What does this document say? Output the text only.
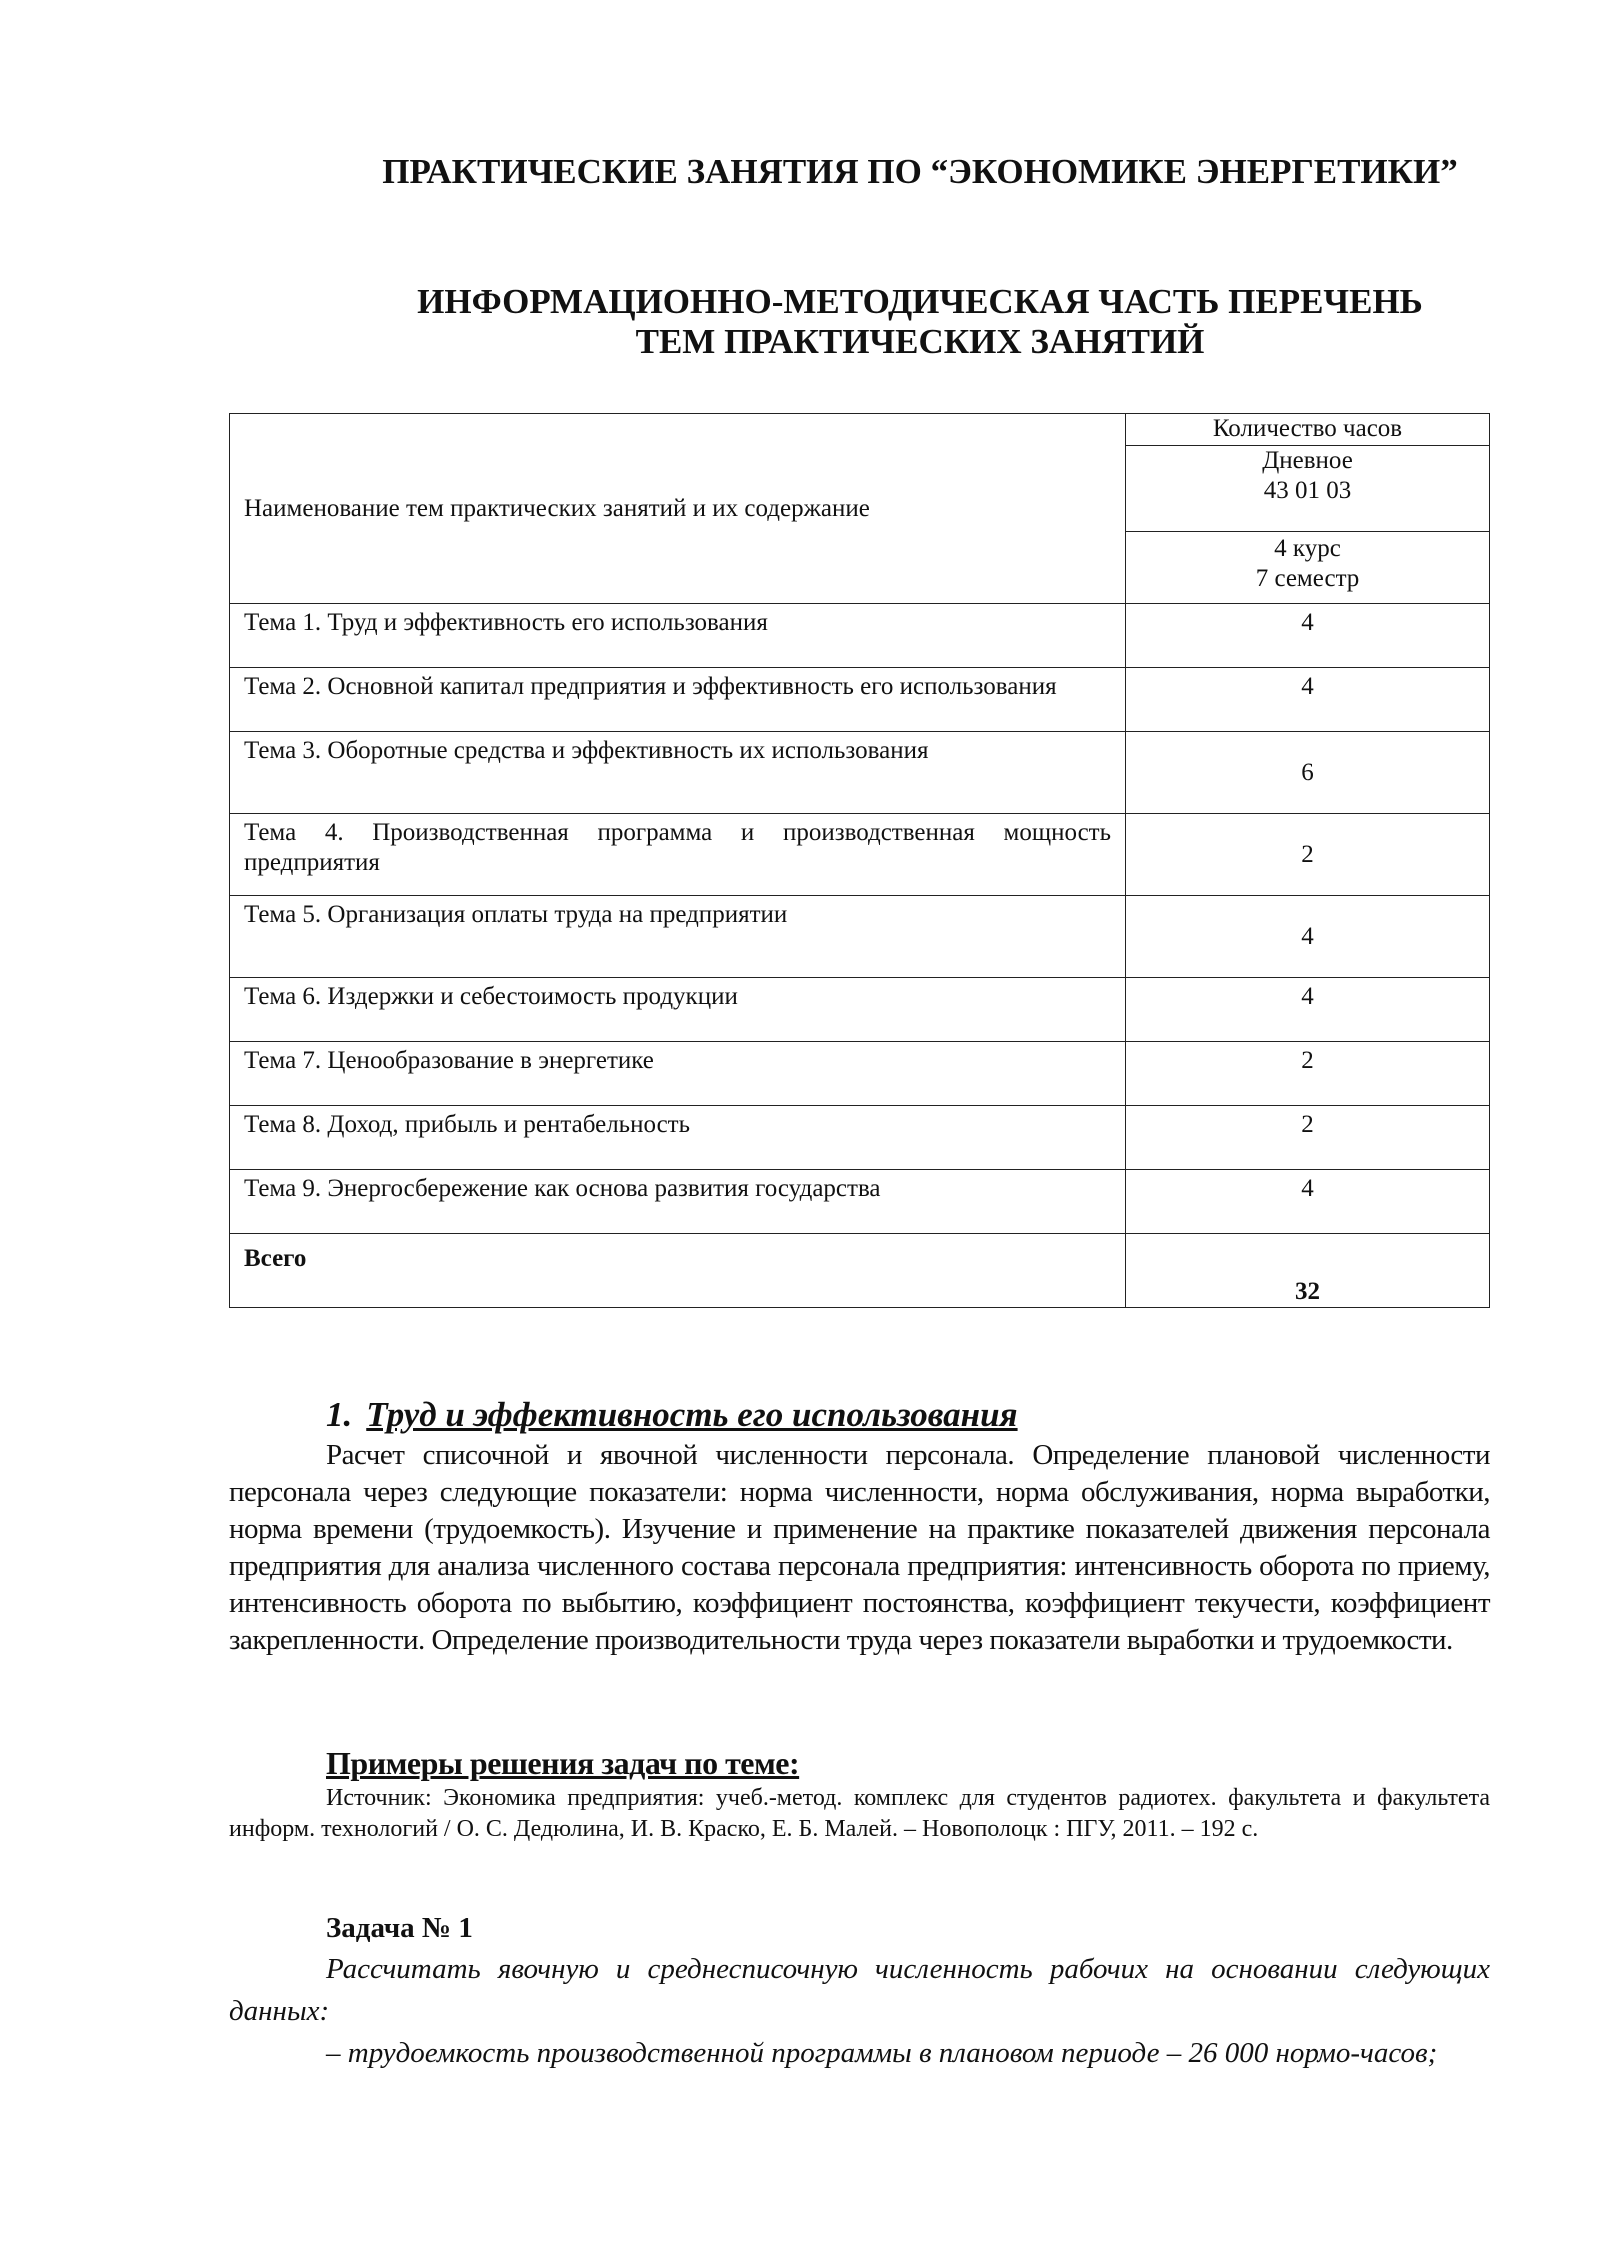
ПРАКТИЧЕСКИЕ ЗАНЯТИЯ ПО “ЭКОНОМИКЕ ЭНЕРГЕТИКИ”
ИНФОРМАЦИОННО-МЕТОДИЧЕСКАЯ ЧАСТЬ ПЕРЕЧЕНЬ ТЕМ ПРАКТИЧЕСКИХ ЗАНЯТИЙ
Наименование тем практических занятий и их содержание	Количество часов

	Дневное
43 01 03

	4 курс
7 семестр

Тема 1. Труд и эффективность его использования	4
Тема 2. Основной капитал предприятия и эффективность его использования	4
Тема 3. Оборотные средства и эффективность их использования	6
Тема 4. Производственная программа и производственная мощность предприятия	2
Тема 5. Организация оплаты труда на предприятии	4
Тема 6. Издержки и себестоимость продукции	4
Тема 7. Ценообразование в энергетике	2
Тема 8. Доход, прибыль и рентабельность	2
Тема 9. Энергосбережение как основа развития государства	4
Всего	32
1. Труд и эффективность его использования

Расчет списочной и явочной численности персонала. Определение плановой численности персонала через следующие показатели: норма численности, норма обслуживания, норма выработки, норма времени (трудоемкость). Изучение и применение на практике показателей движения персонала предприятия для анализа численного состава персонала предприятия: интенсивность оборота по приему, интенсивность оборота по выбытию, коэффициент постоянства, коэффициент текучести, коэффициент закрепленности. Определение производительности труда через показатели выработки и трудоемкости.

Примеры решения задач по теме:

Источник: Экономика предприятия: учеб.-метод. комплекс для студентов радиотех. факультета и факультета информ. технологий / О. С. Дедюлина, И. В. Краско, Е. Б. Малей. – Новополоцк : ПГУ, 2011. – 192 с.

Задача № 1

Рассчитать явочную и среднесписочную численность рабочих на основании следующих данных:

– трудоемкость производственной программы в плановом периоде – 26 000 нормо-часов;
